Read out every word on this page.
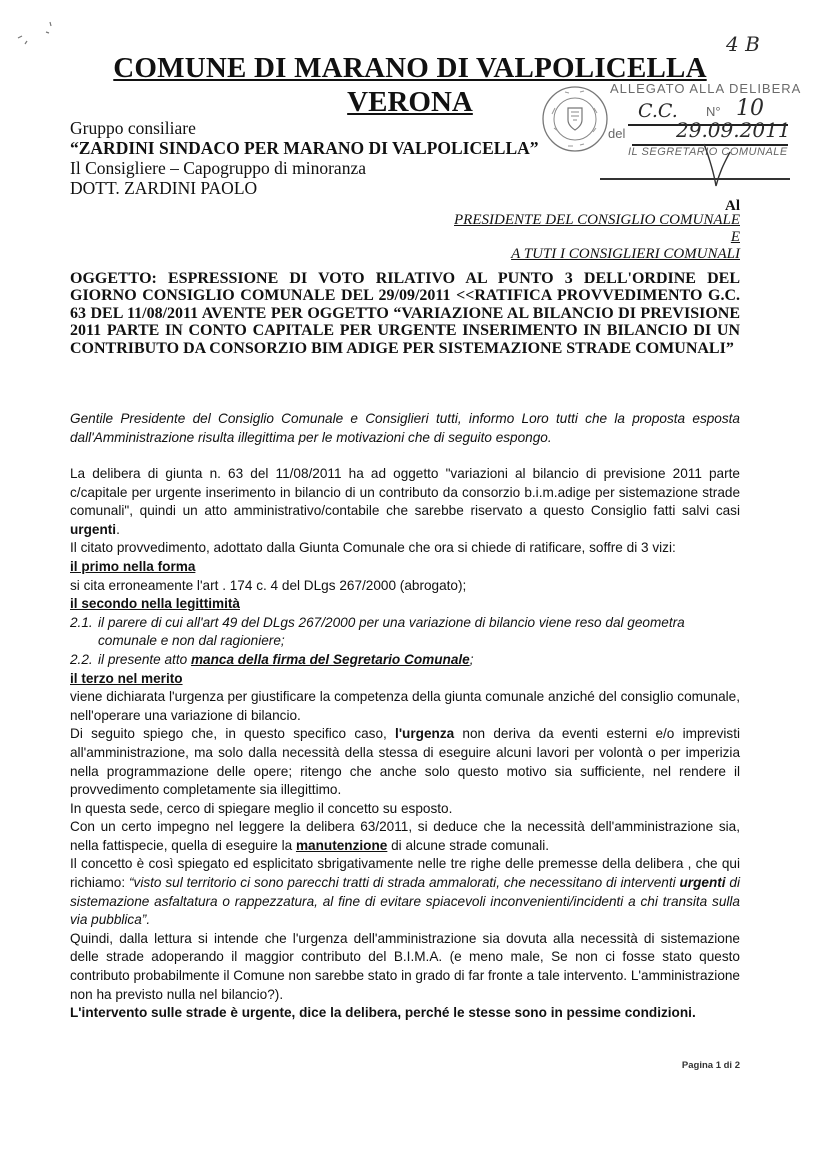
COMUNE DI MARANO DI VALPOLICELLA
VERONA
Gruppo consiliare
“ZARDINI SINDACO PER MARANO DI VALPOLICELLA”
Il Consigliere – Capogruppo di minoranza
DOTT. ZARDINI PAOLO
ALLEGATO ALLA DELIBERA
4 B
C.C. N° 10
del	29.09.2011
IL SEGRETARIO COMUNALE
Al
PRESIDENTE DEL CONSIGLIO COMUNALE
E
A TUTI I CONSIGLIERI COMUNALI
OGGETTO: ESPRESSIONE DI VOTO RILATIVO AL PUNTO 3 DELL'ORDINE DEL GIORNO CONSIGLIO COMUNALE DEL 29/09/2011 <<RATIFICA PROVVEDIMENTO G.C. 63 DEL 11/08/2011 AVENTE PER OGGETTO “VARIAZIONE AL BILANCIO DI PREVISIONE 2011 PARTE IN CONTO CAPITALE PER URGENTE INSERIMENTO IN BILANCIO DI UN CONTRIBUTO DA CONSORZIO BIM ADIGE PER SISTEMAZIONE STRADE COMUNALI”
Gentile Presidente del Consiglio Comunale e Consiglieri tutti, informo Loro tutti che la proposta esposta dall'Amministrazione risulta illegittima per le motivazioni che di seguito espongo.
La delibera di giunta n. 63 del 11/08/2011 ha ad oggetto "variazioni al bilancio di previsione 2011 parte c/capitale per urgente inserimento in bilancio di un contributo da consorzio b.i.m.adige per sistemazione strade comunali", quindi un atto amministrativo/contabile che sarebbe riservato a questo Consiglio fatti salvi casi urgenti.
Il citato provvedimento, adottato dalla Giunta Comunale che ora si chiede di ratificare, soffre di 3 vizi:
il primo nella forma
si cita erroneamente l'art . 174 c. 4 del DLgs 267/2000 (abrogato);
il secondo nella legittimità
2.1. il parere di cui all'art 49 del DLgs 267/2000 per una variazione di bilancio viene reso dal geometra
comunale e non dal ragioniere;
2.2. il presente atto manca della firma del Segretario Comunale;
il terzo nel merito
viene dichiarata l'urgenza per giustificare la competenza della giunta comunale anziché del consiglio comunale, nell'operare una variazione di bilancio.
Di seguito spiego che, in questo specifico caso, l'urgenza non deriva da eventi esterni e/o imprevisti all'amministrazione, ma solo dalla necessità della stessa di eseguire alcuni lavori per volontà o per imperizia nella programmazione delle opere; ritengo che anche solo questo motivo sia sufficiente, nel rendere il provvedimento completamente sia illegittimo.
In questa sede, cerco di spiegare meglio il concetto su esposto.
Con un certo impegno nel leggere la delibera 63/2011, si deduce che la necessità dell'amministrazione sia, nella fattispecie, quella di eseguire la manutenzione di alcune strade comunali.
Il concetto è così spiegato ed esplicitato sbrigativamente nelle tre righe delle premesse della delibera , che qui richiamo: “visto sul territorio ci sono parecchi tratti di strada ammalorati, che necessitano di interventi urgenti di sistemazione asfaltatura o rappezzatura, al fine di evitare spiacevoli inconvenienti/incidenti a chi transita sulla via pubblica”.
Quindi, dalla lettura si intende che l'urgenza dell'amministrazione sia dovuta alla necessità di sistemazione delle strade adoperando il maggior contributo del B.I.M.A. (e meno male, Se non ci fosse stato questo contributo probabilmente il Comune non sarebbe stato in grado di far fronte a tale intervento. L'amministrazione non ha previsto nulla nel bilancio?).
L'intervento sulle strade è urgente, dice la delibera, perché le stesse sono in pessime condizioni.
Pagina 1 di 2
